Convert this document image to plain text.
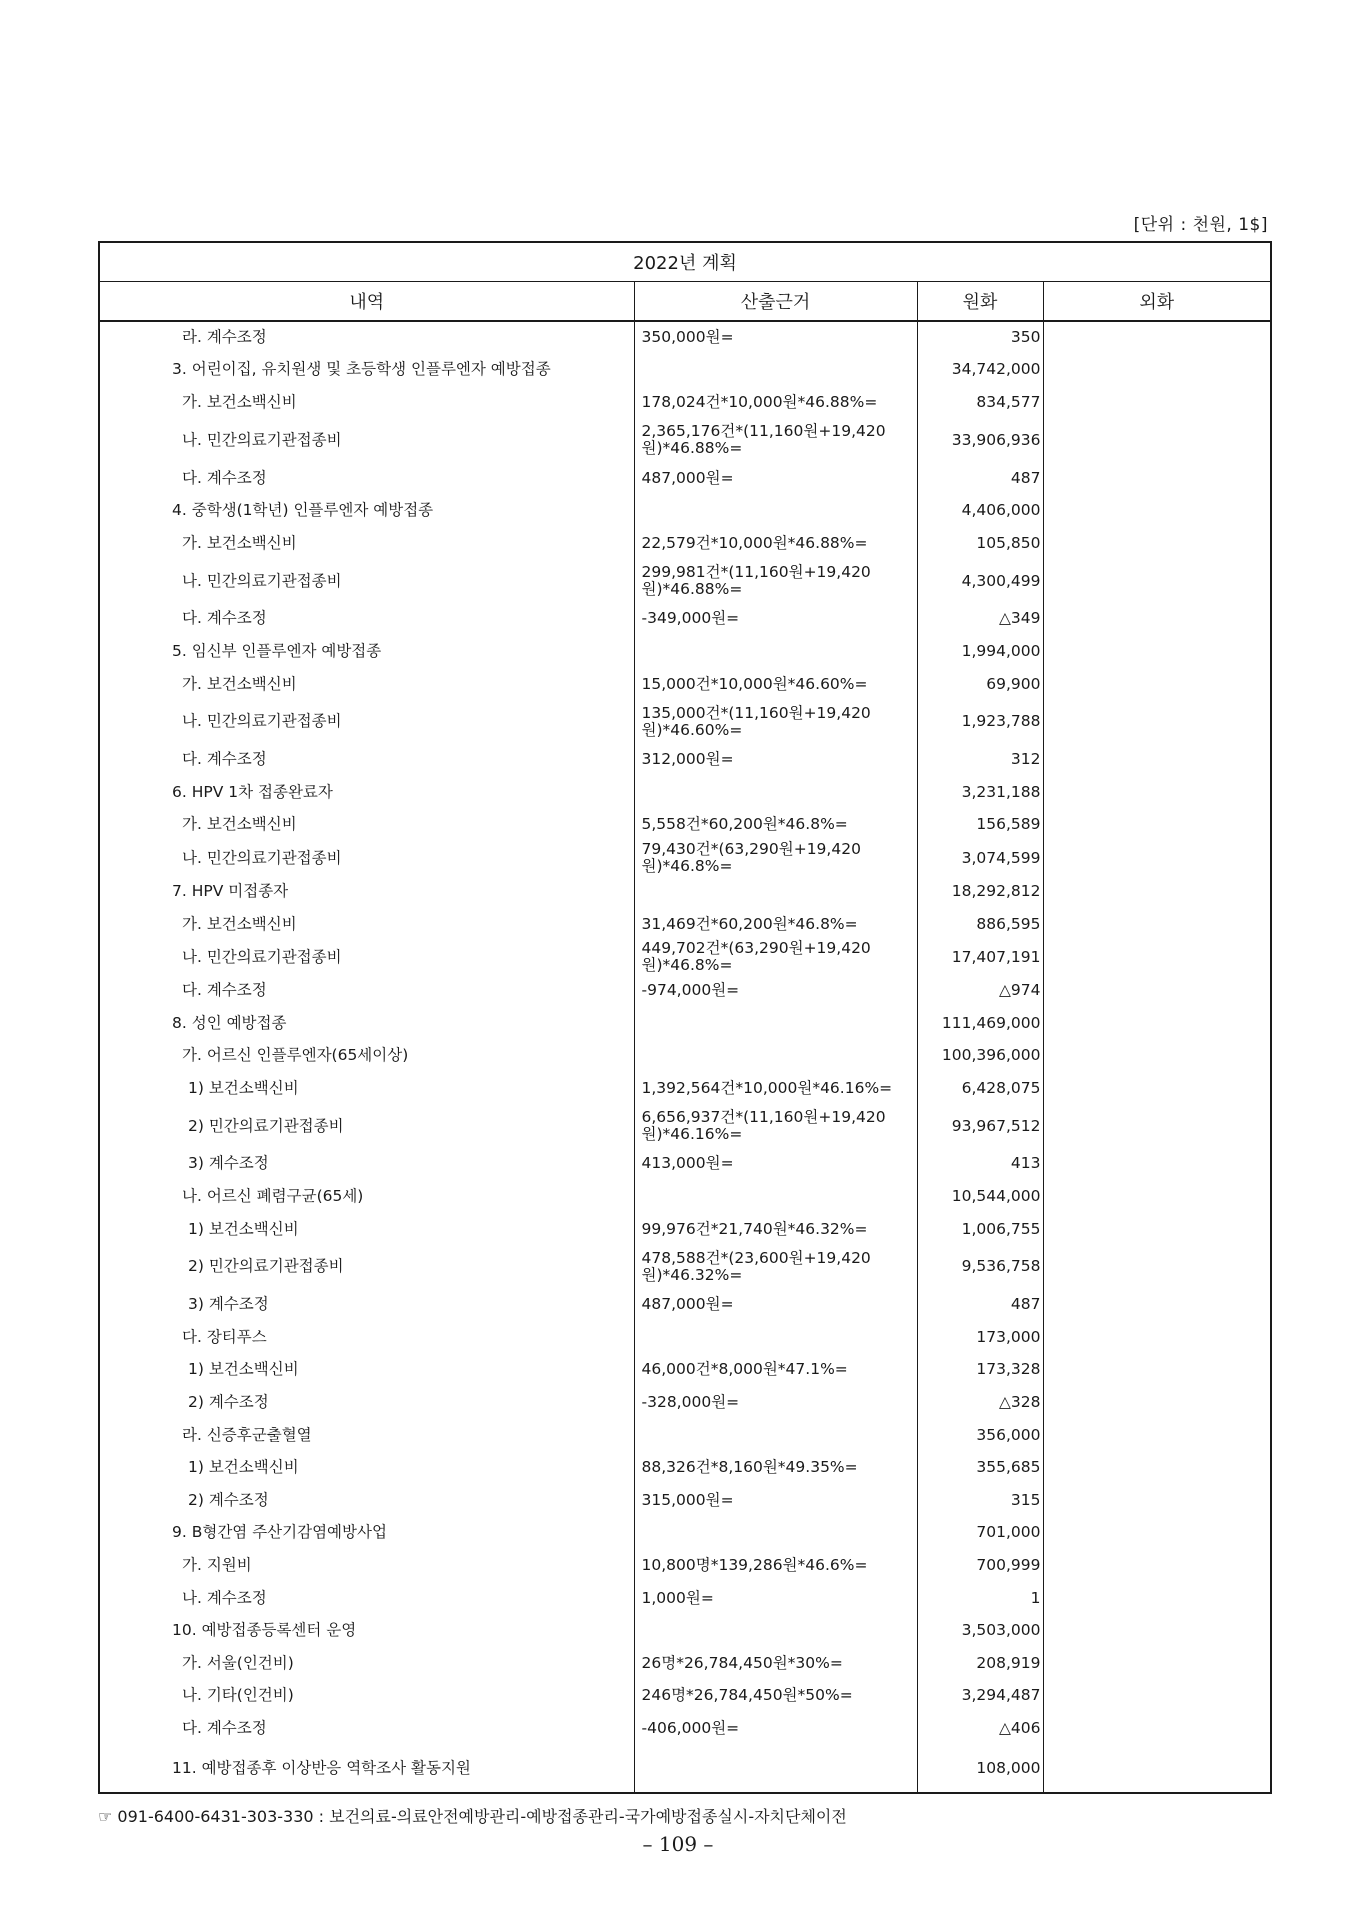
[단위 : 천원, 1$]
2022년 계획			
내역	산출근거	원화	외화
라. 계수조정	350,000원=	350	
3. 어린이집, 유치원생 및 초등학생 인플루엔자 예방접종		34,742,000	
가. 보건소백신비	178,024건*10,000원*46.88%=	834,577	
나. 민간의료기관접종비	2,365,176건*(11,160원+19,420원)*46.88%=	33,906,936	
다. 계수조정	487,000원=	487	
4. 중학생(1학년) 인플루엔자 예방접종		4,406,000	
가. 보건소백신비	22,579건*10,000원*46.88%=	105,850	
나. 민간의료기관접종비	299,981건*(11,160원+19,420원)*46.88%=	4,300,499	
다. 계수조정	-349,000원=	△349	
5. 임신부 인플루엔자 예방접종		1,994,000	
가. 보건소백신비	15,000건*10,000원*46.60%=	69,900	
나. 민간의료기관접종비	135,000건*(11,160원+19,420원)*46.60%=	1,923,788	
다. 계수조정	312,000원=	312	
6. HPV 1차 접종완료자		3,231,188	
가. 보건소백신비	5,558건*60,200원*46.8%=	156,589	
나. 민간의료기관접종비	79,430건*(63,290원+19,420원)*46.8%=	3,074,599	
7. HPV 미접종자		18,292,812	
가. 보건소백신비	31,469건*60,200원*46.8%=	886,595	
나. 민간의료기관접종비	449,702건*(63,290원+19,420원)*46.8%=	17,407,191	
다. 계수조정	-974,000원=	△974	
8. 성인 예방접종		111,469,000	
가. 어르신 인플루엔자(65세이상)		100,396,000	
1) 보건소백신비	1,392,564건*10,000원*46.16%=	6,428,075	
2) 민간의료기관접종비	6,656,937건*(11,160원+19,420원)*46.16%=	93,967,512	
3) 계수조정	413,000원=	413	
나. 어르신 폐렴구균(65세)		10,544,000	
1) 보건소백신비	99,976건*21,740원*46.32%=	1,006,755	
2) 민간의료기관접종비	478,588건*(23,600원+19,420원)*46.32%=	9,536,758	
3) 계수조정	487,000원=	487	
다. 장티푸스		173,000	
1) 보건소백신비	46,000건*8,000원*47.1%=	173,328	
2) 계수조정	-328,000원=	△328	
라. 신증후군출혈열		356,000	
1) 보건소백신비	88,326건*8,160원*49.35%=	355,685	
2) 계수조정	315,000원=	315	
9. B형간염 주산기감염예방사업		701,000	
가. 지원비	10,800명*139,286원*46.6%=	700,999	
나. 계수조정	1,000원=	1	
10. 예방접종등록센터 운영		3,503,000	
가. 서울(인건비)	26명*26,784,450원*30%=	208,919	
나. 기타(인건비)	246명*26,784,450원*50%=	3,294,487	
다. 계수조정	-406,000원=	△406	
11. 예방접종후 이상반응 역학조사 활동지원		108,000	
☞ 091-6400-6431-303-330 : 보건의료-의료안전예방관리-예방접종관리-국가예방접종실시-자치단체이전
– 109 –
